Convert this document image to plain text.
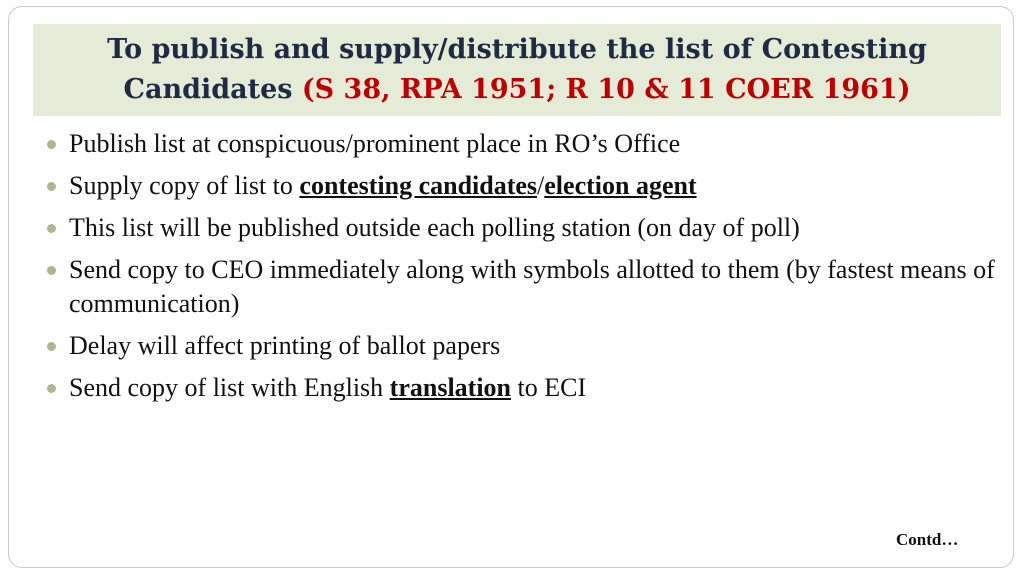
To publish and supply/distribute the list of Contesting
Candidates (S 38, RPA 1951; R 10 & 11 COER 1961)
Publish list at conspicuous/prominent place in RO’s Office
Supply copy of list to contesting candidates/election agent
This list will be published outside each polling station (on day of poll)
Send copy to CEO immediately along with symbols allotted to them (by fastest means of communication)
Delay will affect printing of ballot papers
Send copy of list with English translation to ECI
Contd…
